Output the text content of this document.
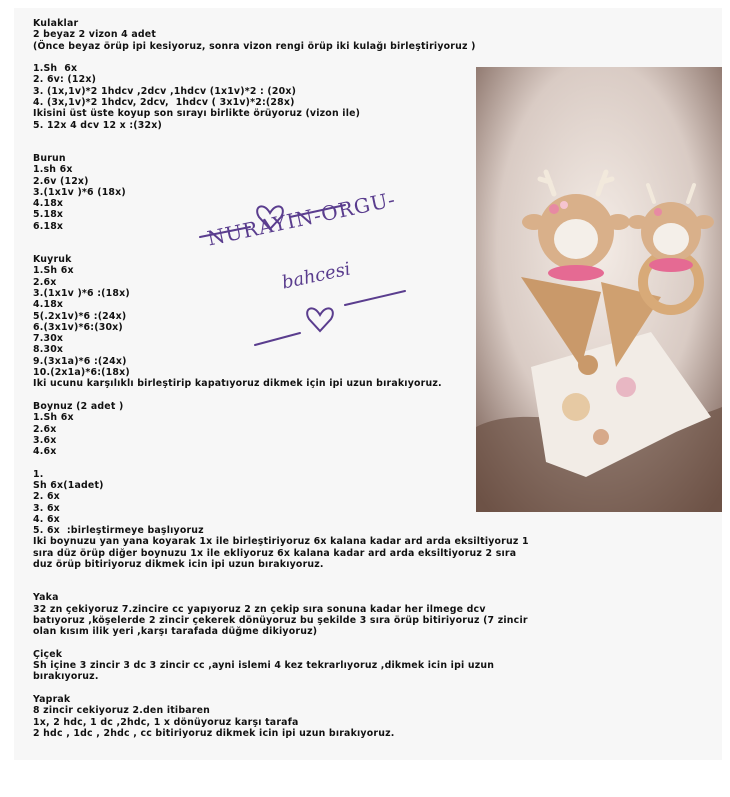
Kulaklar
2 beyaz 2 vizon 4 adet
(Önce beyaz örüp ipi kesiyoruz, sonra vizon rengi örüp iki kulağı birleştiriyoruz )
1.Sh  6x
2. 6v: (12x)
3. (1x,1v)*2 1hdcv ,2dcv ,1hdcv (1x1v)*2 : (20x)
4. (3x,1v)*2 1hdcv, 2dcv,  1hdcv ( 3x1v)*2:(28x)
Ikisini üst üste koyup son sırayı birlikte örüyoruz (vizon ile)
5. 12x 4 dcv 12 x :(32x)
Burun
1.sh 6x
2.6v (12x)
3.(1x1v )*6 (18x)
4.18x
5.18x
6.18x
Kuyruk
1.Sh 6x
2.6x
3.(1x1v )*6 :(18x)
4.18x
5(.2x1v)*6 :(24x)
6.(3x1v)*6:(30x)
7.30x
8.30x
9.(3x1a)*6 :(24x)
10.(2x1a)*6:(18x)
Iki ucunu karşılıklı birleştirip kapatıyoruz dikmek için ipi uzun bırakıyoruz.
Boynuz (2 adet )
1.Sh 6x
2.6x
3.6x
4.6x
1.
Sh 6x(1adet)
2. 6x
3. 6x
4. 6x
5. 6x  :birleştirmeye başlıyoruz
Iki boynuzu yan yana koyarak 1x ile birleştiriyoruz 6x kalana kadar ard arda eksiltiyoruz 1 sıra düz örüp diğer boynuzu 1x ile ekliyoruz 6x kalana kadar ard arda eksiltiyoruz 2 sıra duz örüp bitiriyoruz dikmek icin ipi uzun bırakıyoruz.
Yaka
32 zn çekiyoruz 7.zincire cc yapıyoruz 2 zn çekip sıra sonuna kadar her ilmege dcv batıyoruz ,köşelerde 2 zincir çekerek dönüyoruz bu şekilde 3 sıra örüp bitiriyoruz (7 zincir olan kısım ilik yeri ,karşı tarafada düğme dikiyoruz)
Çiçek
Sh içine 3 zincir 3 dc 3 zincir cc ,ayni islemi 4 kez tekrarlıyoruz ,dikmek icin ipi uzun bırakıyoruz.
Yaprak
8 zincir cekiyoruz 2.den itibaren
1x, 2 hdc, 1 dc ,2hdc, 1 x dönüyoruz karşı tarafa
2 hdc , 1dc , 2hdc , cc bitiriyoruz dikmek icin ipi uzun bırakıyoruz.
NURAYIN-ORGU-
bahcesi
